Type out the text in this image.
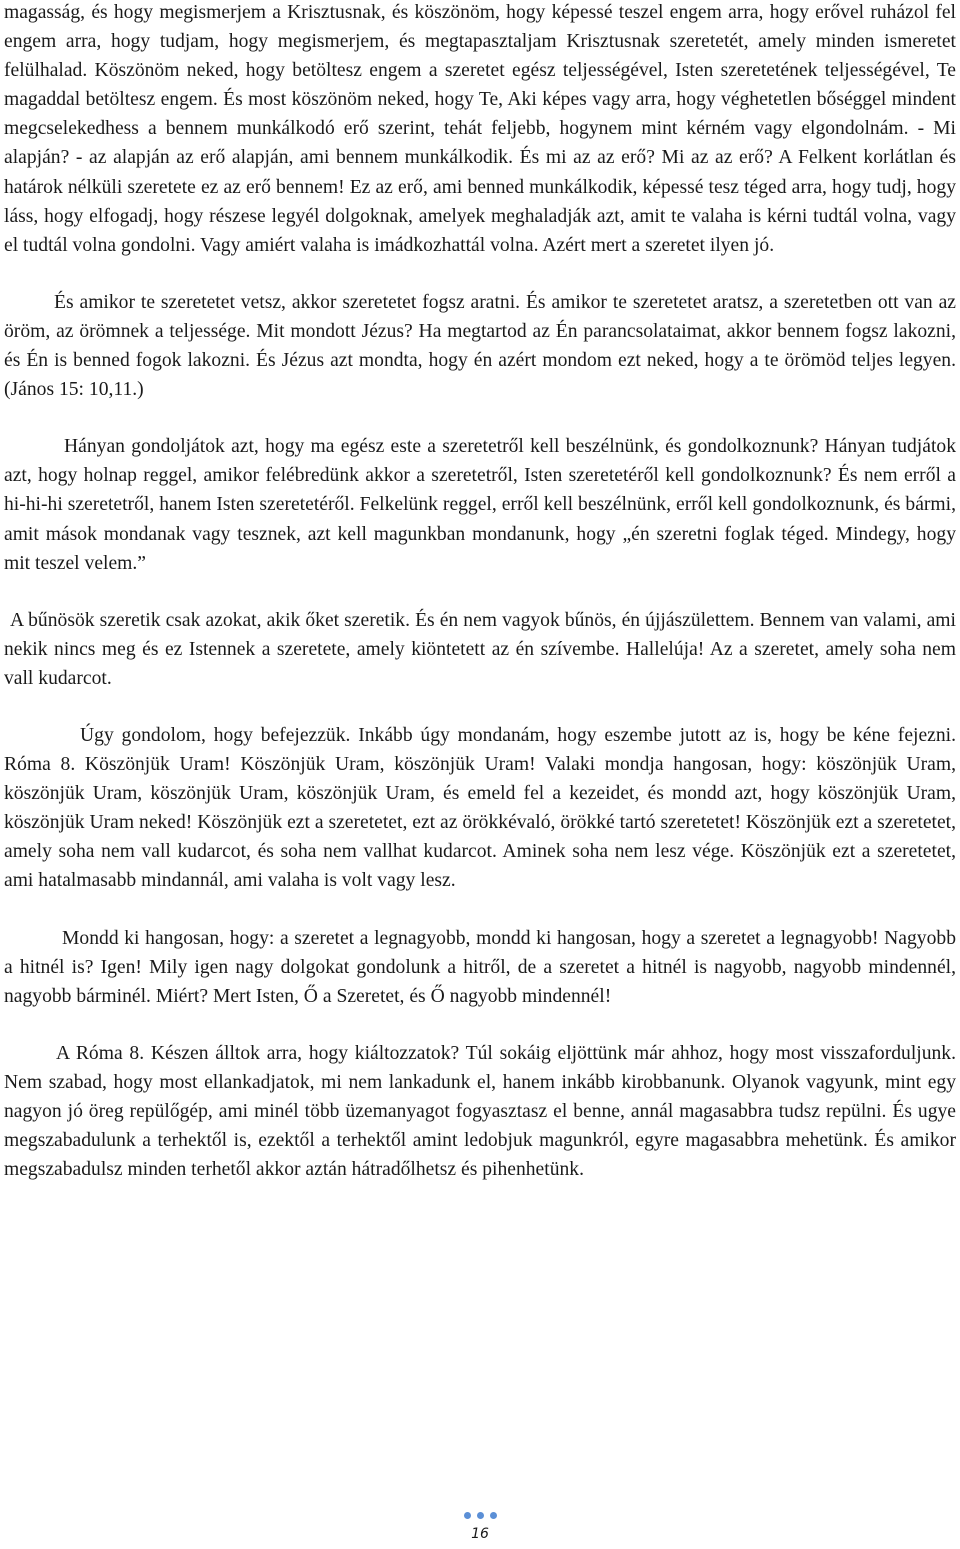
magasság, és hogy megismerjem a Krisztusnak, és köszönöm, hogy képessé teszel engem arra, hogy erővel ruházol fel engem arra, hogy tudjam, hogy megismerjem, és megtapasztaljam Krisztusnak szeretetét, amely minden ismeretet felülhalad. Köszönöm neked, hogy betöltesz engem a szeretet egész teljességével, Isten szeretetének teljességével, Te magaddal betöltesz engem. És most köszönöm neked, hogy Te, Aki képes vagy arra, hogy véghetetlen bőséggel mindent megcselekedhess a bennem munkálkodó erő szerint, tehát feljebb, hogynem mint kérném vagy elgondolnám. - Mi alapján? - az alapján az erő alapján, ami bennem munkálkodik. És mi az az erő? Mi az az erő? A Felkent korlátlan és határok nélküli szeretete ez az erő bennem! Ez az erő, ami benned munkálkodik, képessé tesz téged arra, hogy tudj, hogy láss, hogy elfogadj, hogy részese legyél dolgoknak, amelyek meghaladják azt, amit te valaha is kérni tudtál volna, vagy el tudtál volna gondolni. Vagy amiért valaha is imádkozhattál volna. Azért mert a szeretet ilyen jó.

És amikor te szeretetet vetsz, akkor szeretetet fogsz aratni. És amikor te szeretetet aratsz, a szeretetben ott van az öröm, az örömnek a teljessége. Mit mondott Jézus? Ha megtartod az Én parancsolataimat, akkor bennem fogsz lakozni, és Én is benned fogok lakozni. És Jézus azt mondta, hogy én azért mondom ezt neked, hogy a te örömöd teljes legyen. (János 15: 10,11.)

Hányan gondoljátok azt, hogy ma egész este a szeretetről kell beszélnünk, és gondolkoznunk? Hányan tudjátok azt, hogy holnap reggel, amikor felébredünk akkor a szeretetről, Isten szeretetéről kell gondolkoznunk? És nem erről a hi-hi-hi szeretetről, hanem Isten szeretetéről. Felkelünk reggel, erről kell beszélnünk, erről kell gondolkoznunk, és bármi, amit mások mondanak vagy tesznek, azt kell magunkban mondanunk, hogy „én szeretni foglak téged. Mindegy, hogy mit teszel velem.”

A bűnösök szeretik csak azokat, akik őket szeretik. És én nem vagyok bűnös, én újjászülettem. Bennem van valami, ami nekik nincs meg és ez Istennek a szeretete, amely kiöntetett az én szívembe. Hallelúja! Az a szeretet, amely soha nem vall kudarcot.

Úgy gondolom, hogy befejezzük. Inkább úgy mondanám, hogy eszembe jutott az is, hogy be kéne fejezni. Róma 8. Köszönjük Uram! Köszönjük Uram, köszönjük Uram! Valaki mondja hangosan, hogy: köszönjük Uram, köszönjük Uram, köszönjük Uram, köszönjük Uram, és emeld fel a kezeidet, és mondd azt, hogy köszönjük Uram, köszönjük Uram neked! Köszönjük ezt a szeretetet, ezt az örökkévaló, örökké tartó szeretetet! Köszönjük ezt a szeretetet, amely soha nem vall kudarcot, és soha nem vallhat kudarcot. Aminek soha nem lesz vége. Köszönjük ezt a szeretetet, ami hatalmasabb mindannál, ami valaha is volt vagy lesz.

Mondd ki hangosan, hogy: a szeretet a legnagyobb, mondd ki hangosan, hogy a szeretet a legnagyobb! Nagyobb a hitnél is? Igen! Mily igen nagy dolgokat gondolunk a hitről, de a szeretet a hitnél is nagyobb, nagyobb mindennél, nagyobb bárminél. Miért? Mert Isten, Ő a Szeretet, és Ő nagyobb mindennél!

A Róma 8. Készen álltok arra, hogy kiáltozzatok? Túl sokáig eljöttünk már ahhoz, hogy most visszaforduljunk. Nem szabad, hogy most ellankadjatok, mi nem lankadunk el, hanem inkább kirobbanunk. Olyanok vagyunk, mint egy nagyon jó öreg repülőgép, ami minél több üzemanyagot fogyasztasz el benne, annál magasabbra tudsz repülni. És ugye megszabadulunk a terhektől is, ezektől a terhektől amint ledobjuk magunkról, egyre magasabbra mehetünk. És amikor megszabadulsz minden terhetől akkor aztán hátradőlhetsz és pihenhetünk.

16
